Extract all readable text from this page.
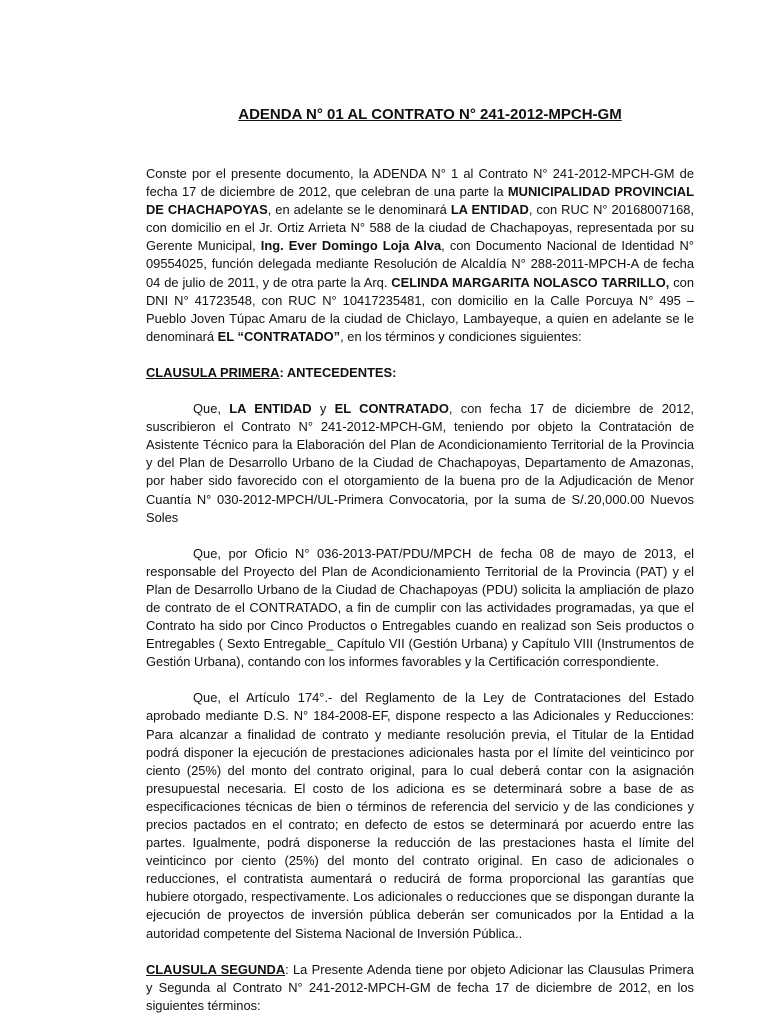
ADENDA N° 01 AL CONTRATO N° 241-2012-MPCH-GM

Conste por el presente documento, la ADENDA N° 1 al Contrato N° 241-2012-MPCH-GM de fecha 17 de diciembre de 2012, que celebran de una parte la MUNICIPALIDAD PROVINCIAL DE CHACHAPOYAS, en adelante se le denominará LA ENTIDAD, con RUC N° 20168007168, con domicilio en el Jr. Ortiz Arrieta N° 588 de la ciudad de Chachapoyas, representada por su Gerente Municipal, Ing. Ever Domingo Loja Alva, con Documento Nacional de Identidad N° 09554025, función delegada mediante Resolución de Alcaldía N° 288-2011-MPCH-A de fecha 04 de julio de 2011, y de otra parte la Arq. CELINDA MARGARITA NOLASCO TARRILLO, con DNI N° 41723548, con RUC N° 10417235481, con domicilio en la Calle Porcuya N° 495 – Pueblo Joven Túpac Amaru de la ciudad de Chiclayo, Lambayeque, a quien en adelante se le denominará EL “CONTRATADO”, en los términos y condiciones siguientes:

CLAUSULA PRIMERA: ANTECEDENTES:

Que, LA ENTIDAD y EL CONTRATADO, con fecha 17 de diciembre de 2012, suscribieron el Contrato N° 241-2012-MPCH-GM, teniendo por objeto la Contratación de Asistente Técnico para la Elaboración del Plan de Acondicionamiento Territorial de la Provincia y del Plan de Desarrollo Urbano de la Ciudad de Chachapoyas, Departamento de Amazonas, por haber sido favorecido con el otorgamiento de la buena pro de la Adjudicación de Menor Cuantía N° 030-2012-MPCH/UL-Primera Convocatoria, por la suma de S/.20,000.00 Nuevos Soles

Que, por Oficio N° 036-2013-PAT/PDU/MPCH de fecha 08 de mayo de 2013, el responsable del Proyecto del Plan de Acondicionamiento Territorial de la Provincia (PAT) y el Plan de Desarrollo Urbano de la Ciudad de Chachapoyas (PDU) solicita la ampliación de plazo de contrato de el CONTRATADO, a fin de cumplir con las actividades programadas, ya que el Contrato ha sido por Cinco Productos o Entregables cuando en realizad son Seis productos o Entregables ( Sexto Entregable_ Capítulo VII (Gestión Urbana) y Capítulo VIII (Instrumentos de Gestión Urbana), contando con los informes favorables y la Certificación correspondiente.

Que, el Artículo 174°.- del Reglamento de la Ley de Contrataciones del Estado aprobado mediante D.S. N° 184-2008-EF, dispone respecto a las Adicionales y Reducciones: Para alcanzar a finalidad de contrato y mediante resolución previa, el Titular de la Entidad podrá disponer la ejecución de prestaciones adicionales hasta por el límite del veinticinco por ciento (25%) del monto del contrato original, para lo cual deberá contar con la asignación presupuestal necesaria. El costo de los adiciona es se determinará sobre a base de as especificaciones técnicas de bien o términos de referencia del servicio y de las condiciones y precios pactados en el contrato; en defecto de estos se determinará por acuerdo entre las partes. Igualmente, podrá disponerse la reducción de las prestaciones hasta el límite del veinticinco por ciento (25%) del monto del contrato original. En caso de adicionales o reducciones, el contratista aumentará o reducirá de forma proporcional las garantías que hubiere otorgado, respectivamente. Los adicionales o reducciones que se dispongan durante la ejecución de proyectos de inversión pública deberán ser comunicados por la Entidad a la autoridad competente del Sistema Nacional de Inversión Pública..

CLAUSULA SEGUNDA: La Presente Adenda tiene por objeto Adicionar las Clausulas Primera y Segunda al Contrato N° 241-2012-MPCH-GM de fecha 17 de diciembre de 2012, en los siguientes términos:
